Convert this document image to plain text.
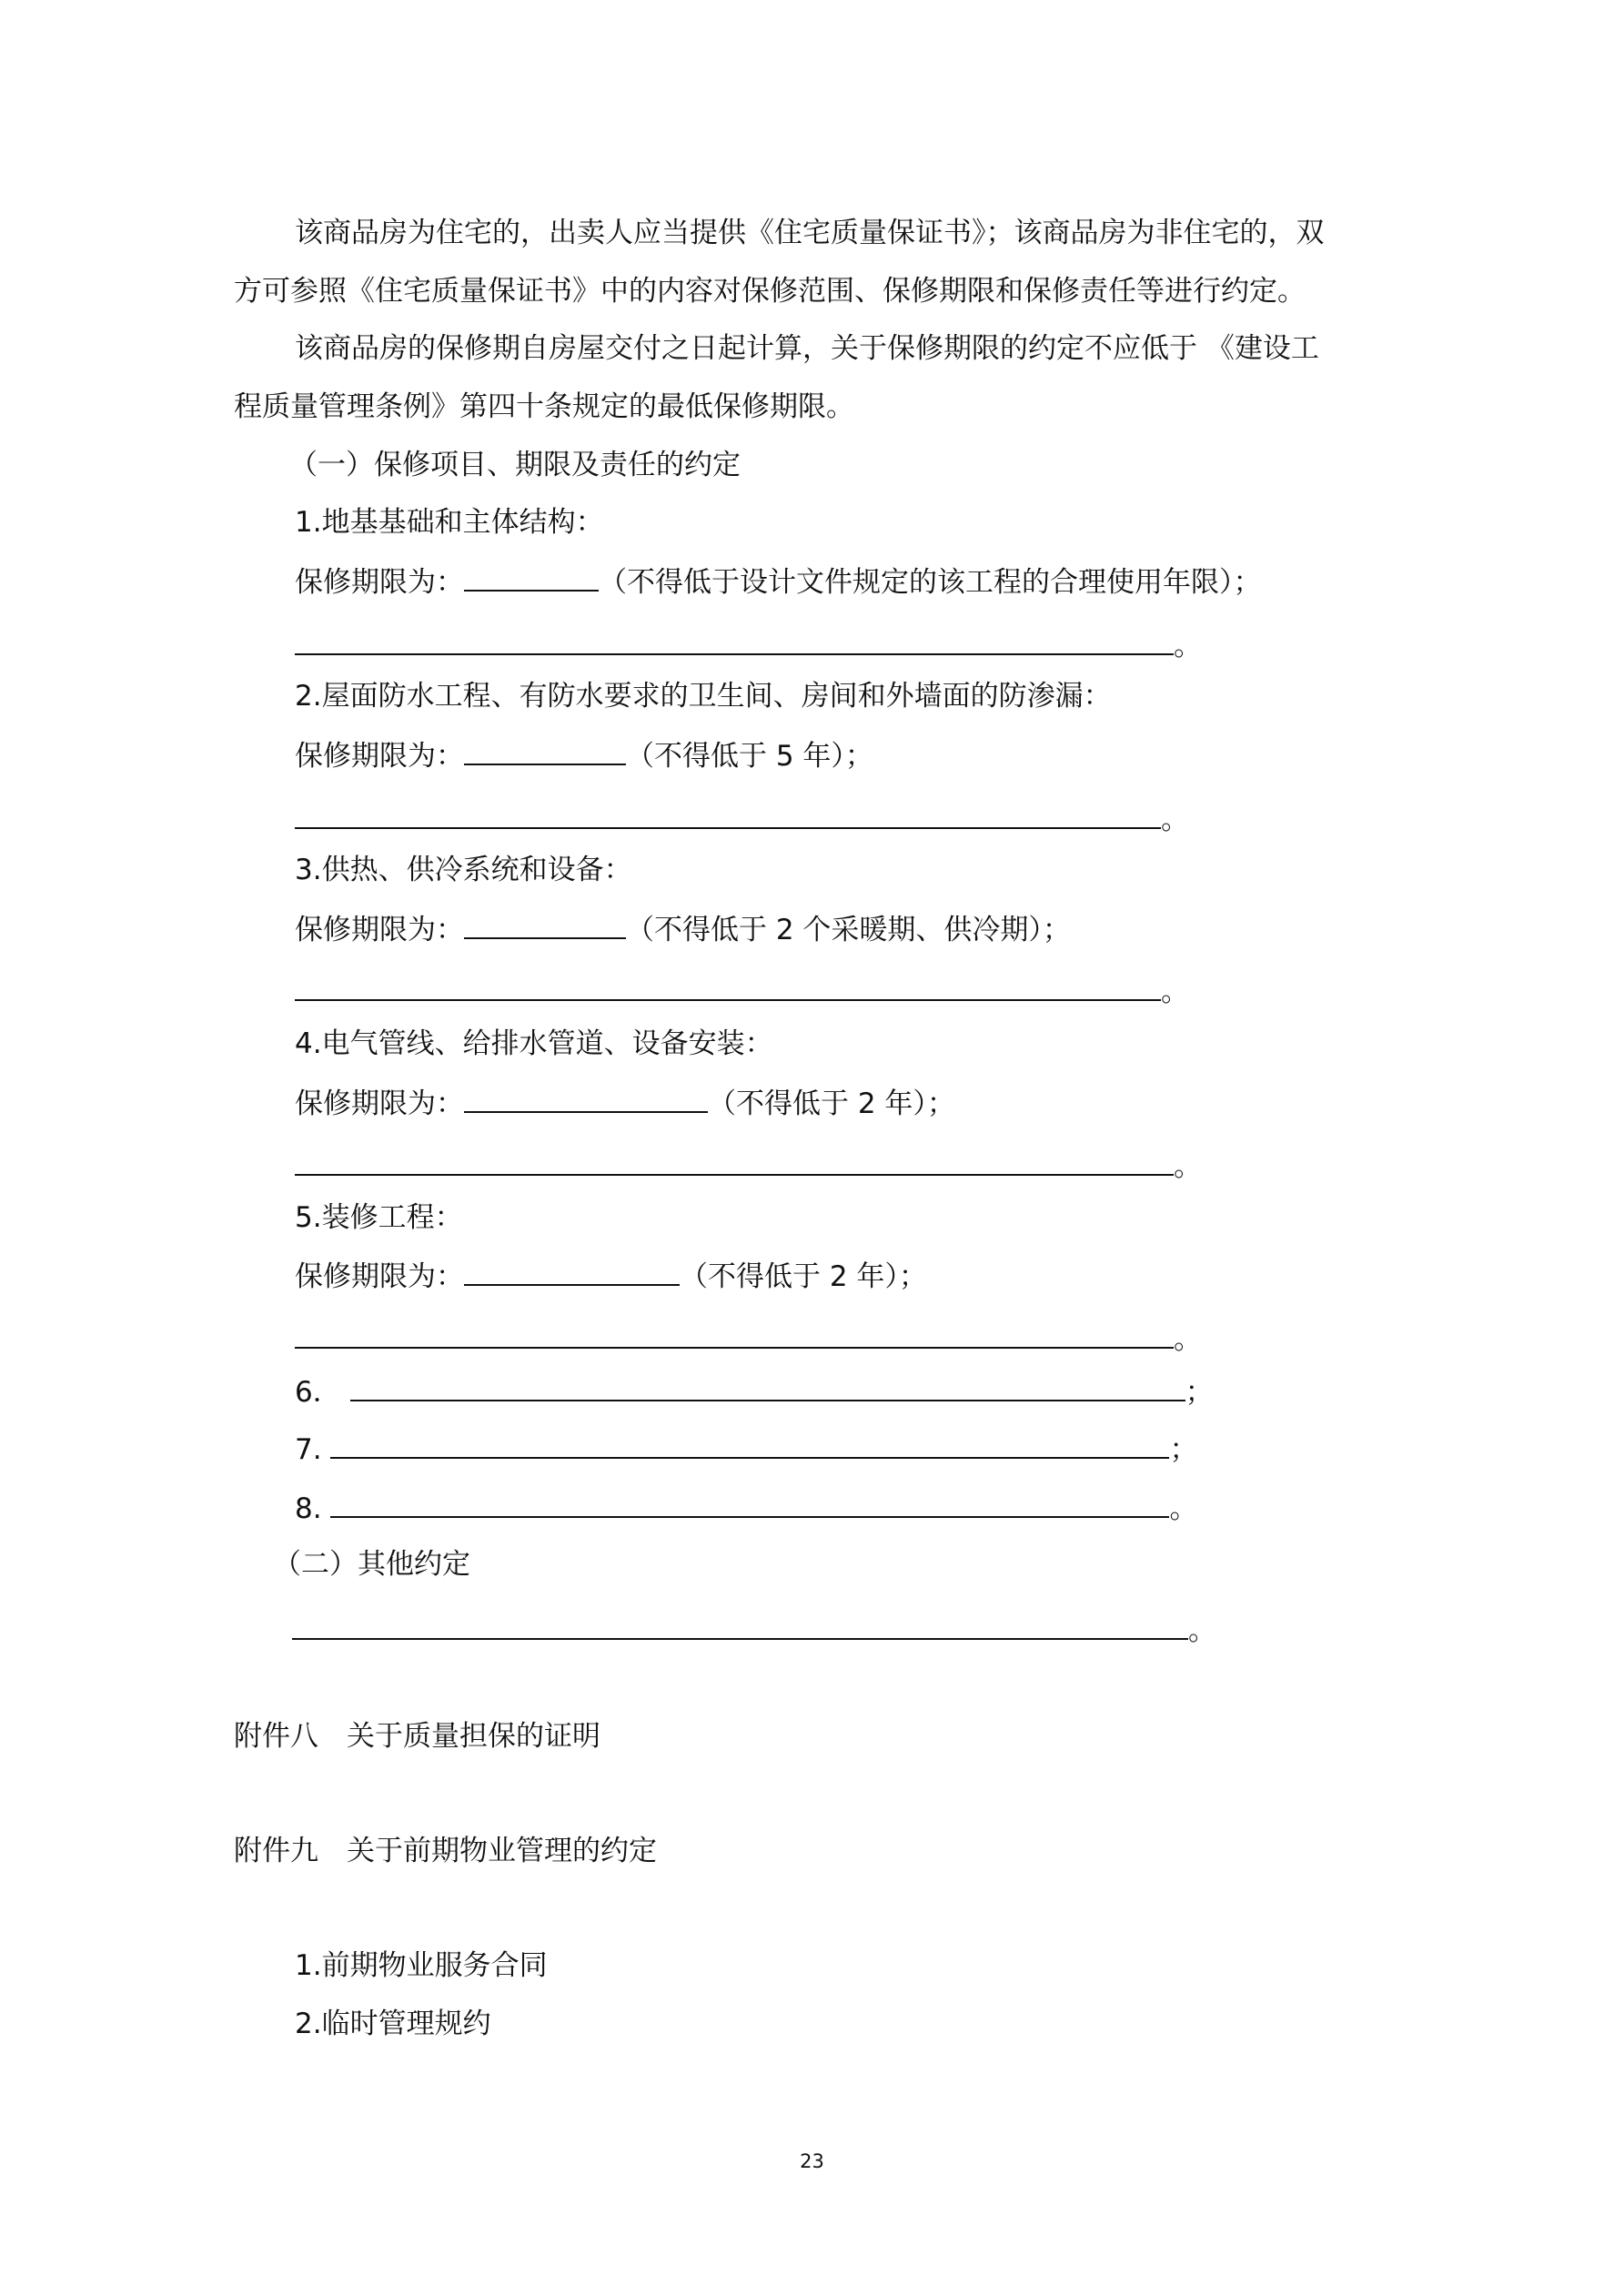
该商品房为住宅的，出卖人应当提供《住宅质量保证书》；该商品房为非住宅的，双
方可参照《住宅质量保证书》中的内容对保修范围、保修期限和保修责任等进行约定。
该商品房的保修期自房屋交付之日起计算，关于保修期限的约定不应低于 《建设工
程质量管理条例》第四十条规定的最低保修期限。
（一）保修项目、期限及责任的约定
1.地基基础和主体结构：
保修期限为：	（不得低于设计文件规定的该工程的合理使用年限）；
。
2.屋面防水工程、有防水要求的卫生间、房间和外墙面的防渗漏：
保修期限为：	（不得低于 5 年）；
。
3.供热、供冷系统和设备：
保修期限为：	（不得低于 2 个采暖期、供冷期）；
。
4.电气管线、给排水管道、设备安装：
保修期限为：	（不得低于 2 年）；
。
5.装修工程：
保修期限为：	（不得低于 2 年）；
。
6．	；
7.	；
8.	。
（二）其他约定
。
附件八　关于质量担保的证明
附件九　关于前期物业管理的约定
1.前期物业服务合同
2.临时管理规约
23
